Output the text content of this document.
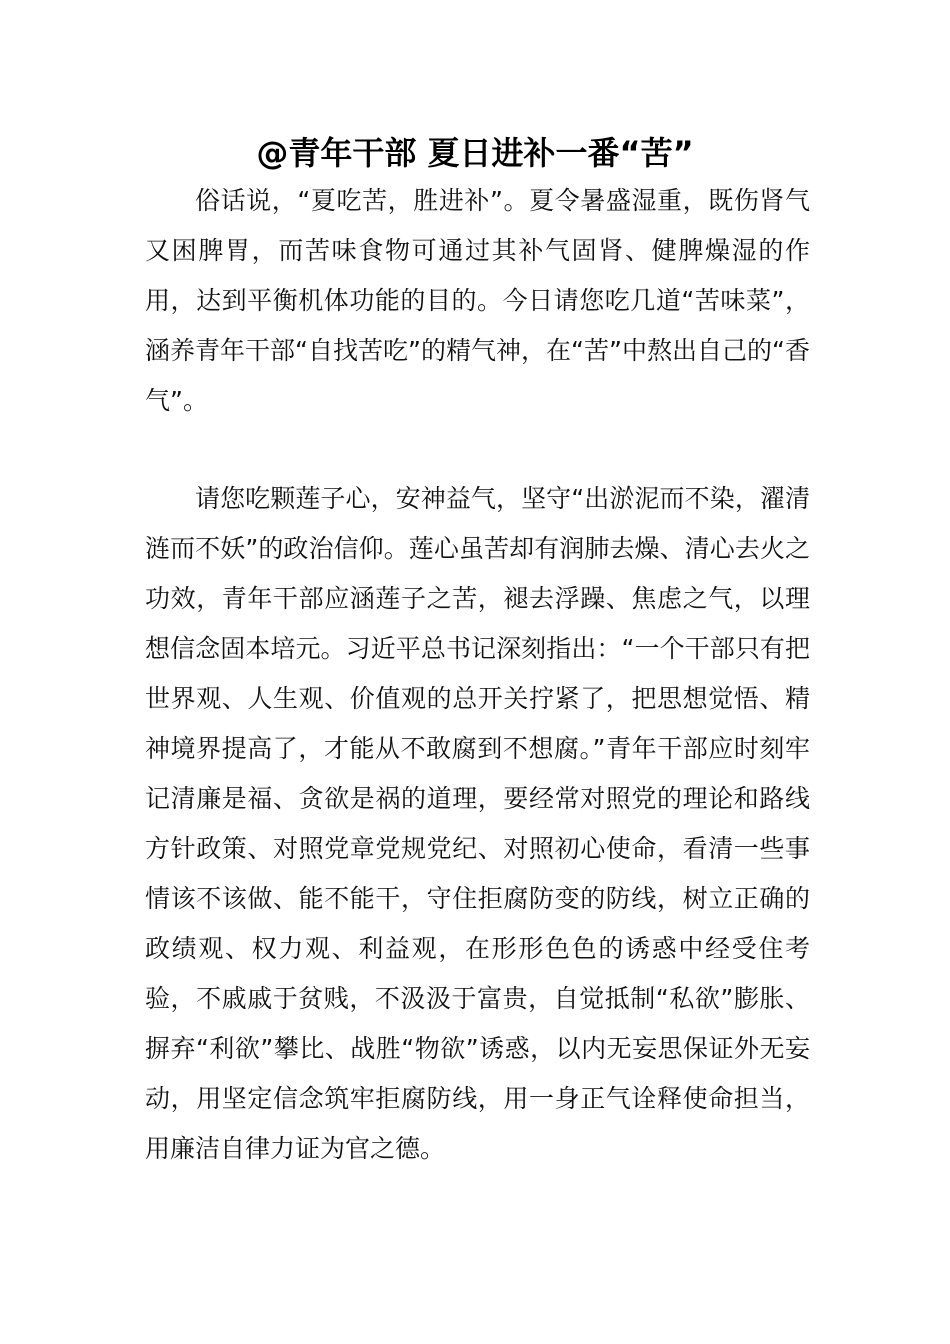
@青年干部 夏日进补一番“苦”

俗话说，“夏吃苦，胜进补”。夏令暑盛湿重，既伤肾气又困脾胃，而苦味食物可通过其补气固肾、健脾燥湿的作用，达到平衡机体功能的目的。今日请您吃几道“苦味菜”，涵养青年干部“自找苦吃”的精气神，在“苦”中熬出自己的“香气”。

请您吃颗莲子心，安神益气，坚守“出淤泥而不染，濯清涟而不妖”的政治信仰。莲心虽苦却有润肺去燥、清心去火之功效，青年干部应涵莲子之苦，褪去浮躁、焦虑之气，以理想信念固本培元。习近平总书记深刻指出：“一个干部只有把世界观、人生观、价值观的总开关拧紧了，把思想觉悟、精神境界提高了，才能从不敢腐到不想腐。”青年干部应时刻牢记清廉是福、贪欲是祸的道理，要经常对照党的理论和路线方针政策、对照党章党规党纪、对照初心使命，看清一些事情该不该做、能不能干，守住拒腐防变的防线，树立正确的政绩观、权力观、利益观，在形形色色的诱惑中经受住考验，不戚戚于贫贱，不汲汲于富贵，自觉抵制“私欲”膨胀、摒弃“利欲”攀比、战胜“物欲”诱惑，以内无妄思保证外无妄动，用坚定信念筑牢拒腐防线，用一身正气诠释使命担当，用廉洁自律力证为官之德。
